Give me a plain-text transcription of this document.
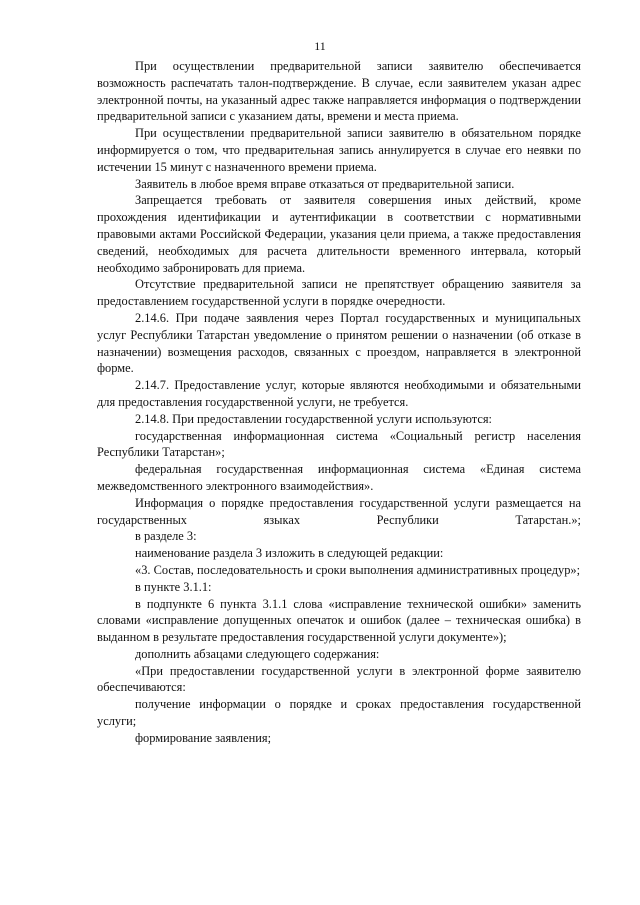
11

При осуществлении предварительной записи заявителю обеспечивается возможность распечатать талон-подтверждение. В случае, если заявителем указан адрес электронной почты, на указанный адрес также направляется информация о подтверждении предварительной записи с указанием даты, времени и места приема.

При осуществлении предварительной записи заявителю в обязательном порядке информируется о том, что предварительная запись аннулируется в случае его неявки по истечении 15 минут с назначенного времени приема.

Заявитель в любое время вправе отказаться от предварительной записи.

Запрещается требовать от заявителя совершения иных действий, кроме прохождения идентификации и аутентификации в соответствии с нормативными правовыми актами Российской Федерации, указания цели приема, а также предоставления сведений, необходимых для расчета длительности временного интервала, который необходимо забронировать для приема.

Отсутствие предварительной записи не препятствует обращению заявителя за предоставлением государственной услуги в порядке очередности.

2.14.6. При подаче заявления через Портал государственных и муниципальных услуг Республики Татарстан уведомление о принятом решении о назначении (об отказе в назначении) возмещения расходов, связанных с проездом, направляется в электронной форме.

2.14.7. Предоставление услуг, которые являются необходимыми и обязательными для предоставления государственной услуги, не требуется.

2.14.8. При предоставлении государственной услуги используются:

государственная информационная система «Социальный регистр населения Республики Татарстан»;

федеральная государственная информационная система «Единая система межведомственного электронного взаимодействия».

Информация о порядке предоставления государственной услуги размещается на государственных языках Республики Татарстан.»;

в разделе 3:

наименование раздела 3 изложить в следующей редакции:

«3. Состав, последовательность и сроки выполнения административных процедур»;

в пункте 3.1.1:

в подпункте 6 пункта 3.1.1 слова «исправление технической ошибки» заменить словами «исправление допущенных опечаток и ошибок (далее – техническая ошибка) в выданном в результате предоставления государственной услуги документе»);

дополнить абзацами следующего содержания:

«При предоставлении государственной услуги в электронной форме заявителю обеспечиваются:

получение информации о порядке и сроках предоставления государственной услуги;

формирование заявления;
